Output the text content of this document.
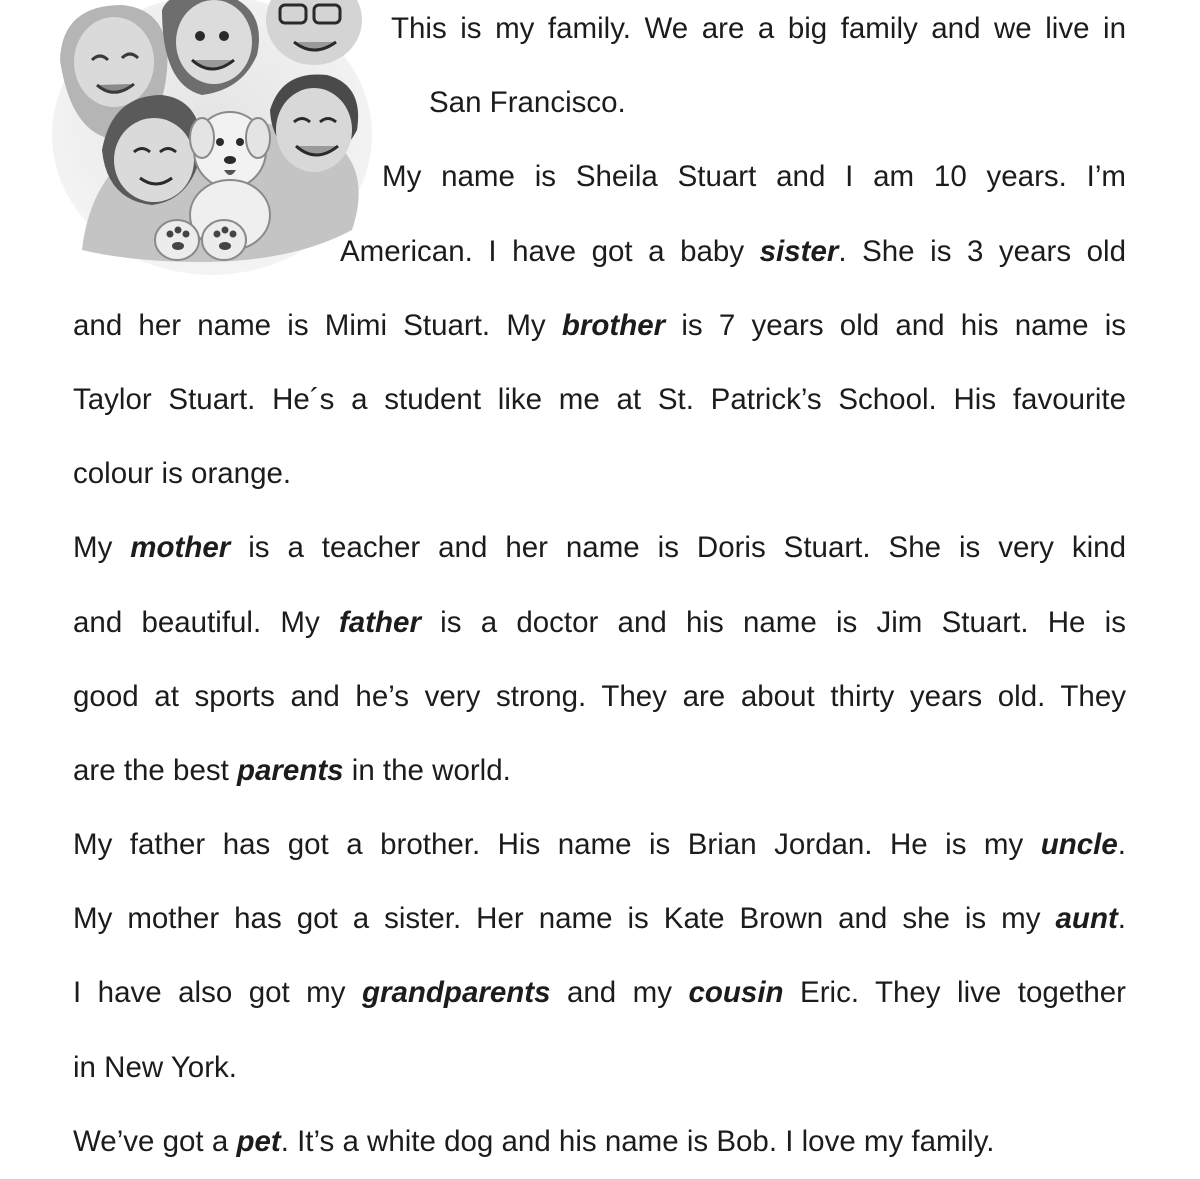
This is my family. We are a big family and we live in
San Francisco.
My name is Sheila Stuart and I am 10 years. I’m
American. I have got a baby sister. She is 3 years old
and her name is Mimi Stuart. My brother is 7 years old and his name is
Taylor Stuart. He´s a student like me at St. Patrick’s School. His favourite
colour is orange.
My mother is a teacher and her name is Doris Stuart. She is very kind
and beautiful. My father is a doctor and his name is Jim Stuart. He is
good at sports and he’s very strong. They are about thirty years old. They
are the best parents in the world.
My father has got a brother. His name is Brian Jordan. He is my uncle.
My mother has got a sister. Her name is Kate Brown and she is my aunt.
I have also got my grandparents and my cousin Eric. They live together
in New York.
We’ve got a pet. It’s a white dog and his name is Bob. I love my family.
